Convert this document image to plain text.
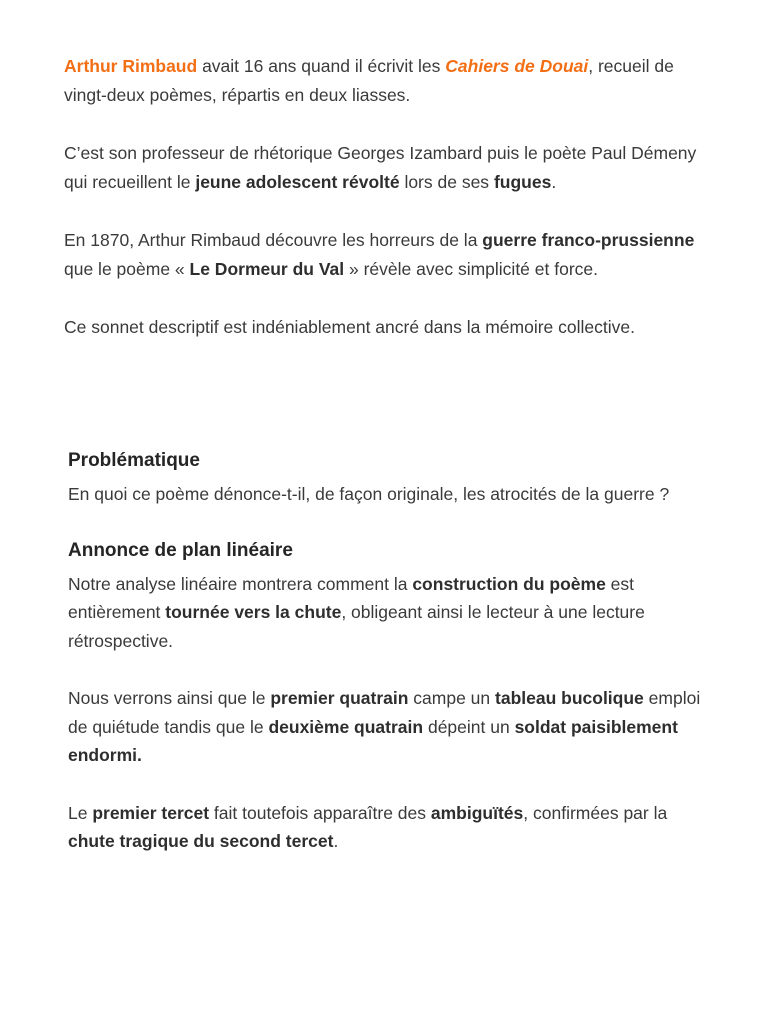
Arthur Rimbaud avait 16 ans quand il écrivit les Cahiers de Douai, recueil de vingt-deux poèmes, répartis en deux liasses.

C’est son professeur de rhétorique Georges Izambard puis le poète Paul Démeny qui recueillent le jeune adolescent révolté lors de ses fugues.

En 1870, Arthur Rimbaud découvre les horreurs de la guerre franco-prussienne que le poème « Le Dormeur du Val » révèle avec simplicité et force.

Ce sonnet descriptif est indéniablement ancré dans la mémoire collective.

Problématique

En quoi ce poème dénonce-t-il, de façon originale, les atrocités de la guerre ?

Annonce de plan linéaire

Notre analyse linéaire montrera comment la construction du poème est entièrement tournée vers la chute, obligeant ainsi le lecteur à une lecture rétrospective.

Nous verrons ainsi que le premier quatrain campe un tableau bucolique emploi de quiétude tandis que le deuxième quatrain dépeint un soldat paisiblement endormi.

Le premier tercet fait toutefois apparaître des ambiguïtés, confirmées par la chute tragique du second tercet.
